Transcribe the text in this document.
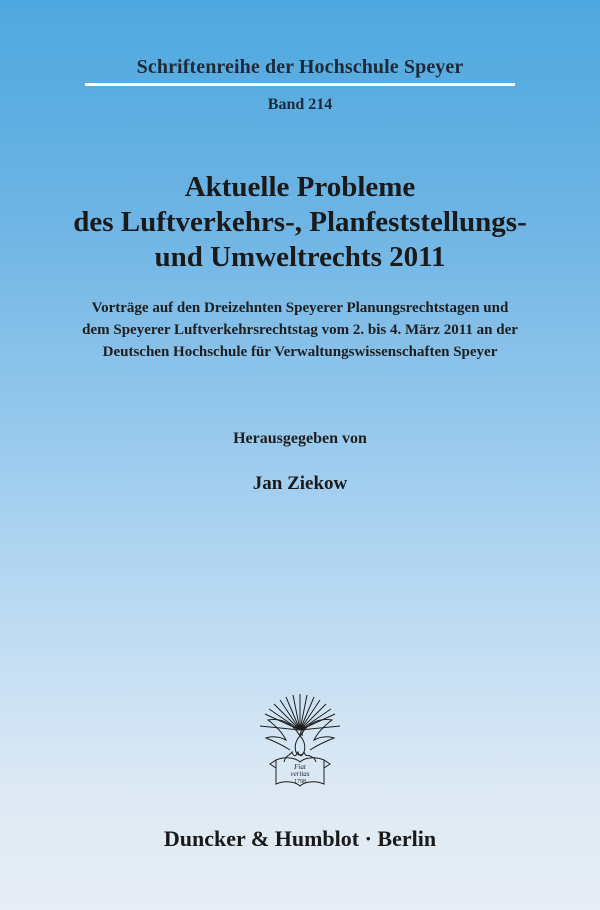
Schriftenreihe der Hochschule Speyer
Band 214
Aktuelle Probleme
des Luftverkehrs-, Planfeststellungs-
und Umweltrechts 2011
Vorträge auf den Dreizehnten Speyerer Planungsrechtstagen und
dem Speyerer Luftverkehrsrechtstag vom 2. bis 4. März 2011 an der
Deutschen Hochschule für Verwaltungswissenschaften Speyer
Herausgegeben von
Jan Ziekow
Fiat
veritas
1798
Duncker & Humblot · Berlin
